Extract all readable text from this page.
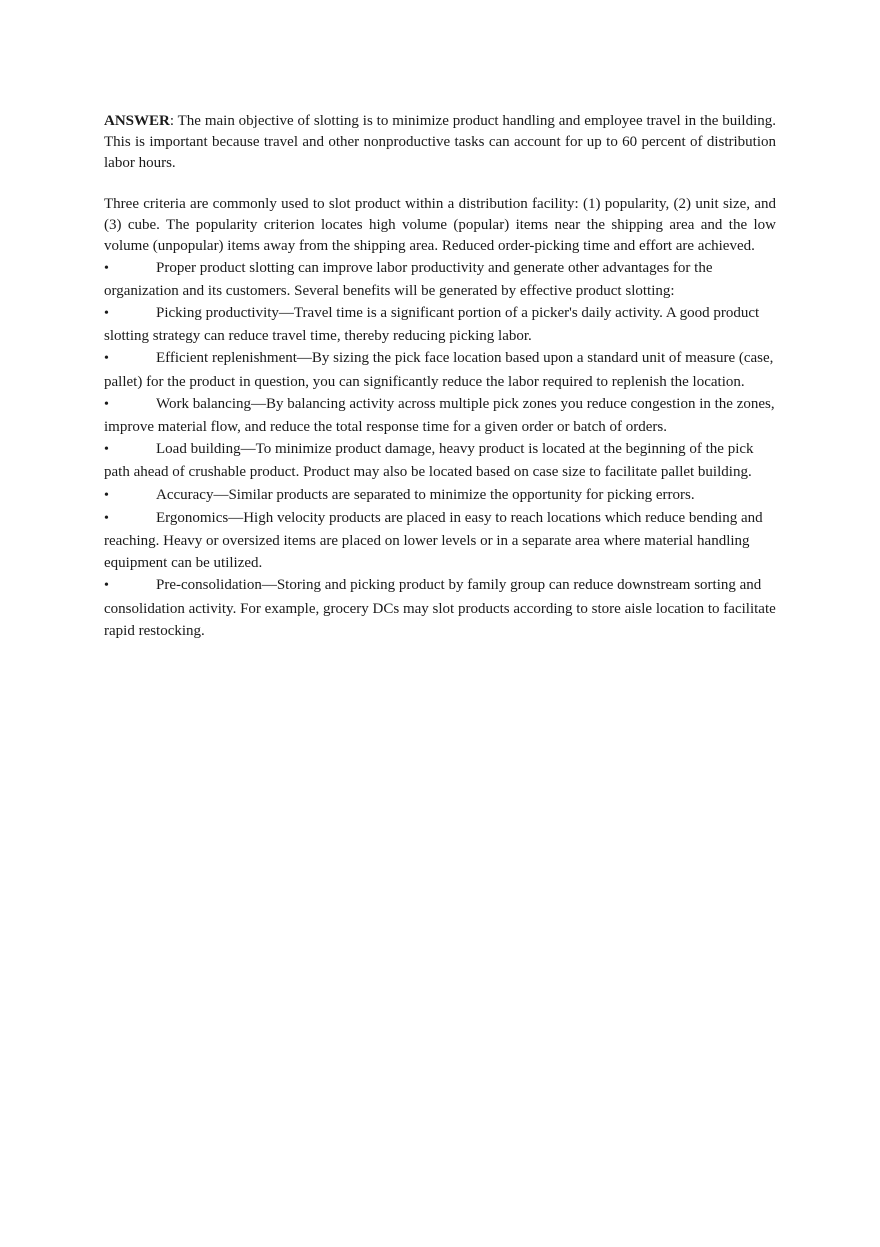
ANSWER: The main objective of slotting is to minimize product handling and employee travel in the building. This is important because travel and other nonproductive tasks can account for up to 60 percent of distribution labor hours.

Three criteria are commonly used to slot product within a distribution facility: (1) popularity, (2) unit size, and (3) cube. The popularity criterion locates high volume (popular) items near the shipping area and the low volume (unpopular) items away from the shipping area. Reduced order-picking time and effort are achieved.

•	Proper product slotting can improve labor productivity and generate other advantages for the organization and its customers. Several benefits will be generated by effective product slotting:

•	Picking productivity—Travel time is a significant portion of a picker's daily activity. A good product slotting strategy can reduce travel time, thereby reducing picking labor.

•	Efficient replenishment—By sizing the pick face location based upon a standard unit of measure (case, pallet) for the product in question, you can significantly reduce the labor required to replenish the location.

•	Work balancing—By balancing activity across multiple pick zones you reduce congestion in the zones, improve material flow, and reduce the total response time for a given order or batch of orders.

•	Load building—To minimize product damage, heavy product is located at the beginning of the pick path ahead of crushable product. Product may also be located based on case size to facilitate pallet building.

•	Accuracy—Similar products are separated to minimize the opportunity for picking errors.

•	Ergonomics—High velocity products are placed in easy to reach locations which reduce bending and reaching. Heavy or oversized items are placed on lower levels or in a separate area where material handling equipment can be utilized.

•	Pre-consolidation—Storing and picking product by family group can reduce downstream sorting and consolidation activity. For example, grocery DCs may slot products according to store aisle location to facilitate rapid restocking.
